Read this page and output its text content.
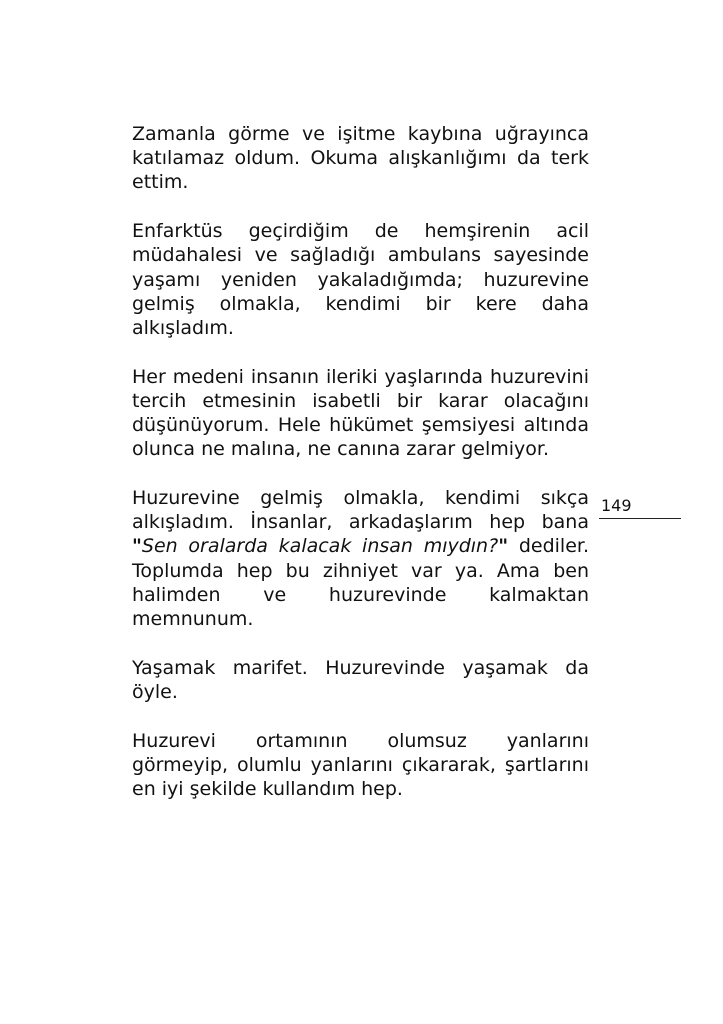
Zamanla görme ve işitme kaybına uğrayınca katılamaz oldum. Okuma alışkanlığımı da terk ettim.

Enfarktüs geçirdiğim de hemşirenin acil müdahalesi ve sağladığı ambulans sayesinde yaşamı yeniden yakaladığımda; huzurevine gelmiş olmakla, kendimi bir kere daha alkışladım.

Her medeni insanın ileriki yaşlarında huzurevini tercih etmesinin isabetli bir karar olacağını düşünüyorum. Hele hükümet şemsiyesi altında olunca ne malına, ne canına zarar gelmiyor.

Huzurevine gelmiş olmakla, kendimi sıkça alkışladım. İnsanlar, arkadaşlarım hep bana "Sen oralarda kalacak insan mıydın?" dediler. Toplumda hep bu zihniyet var ya. Ama ben halimden ve huzurevinde kalmaktan memnunum.

Yaşamak marifet. Huzurevinde yaşamak da öyle.

Huzurevi ortamının olumsuz yanlarını görmeyip, olumlu yanlarını çıkararak, şartlarını en iyi şekilde kullandım hep.

149
